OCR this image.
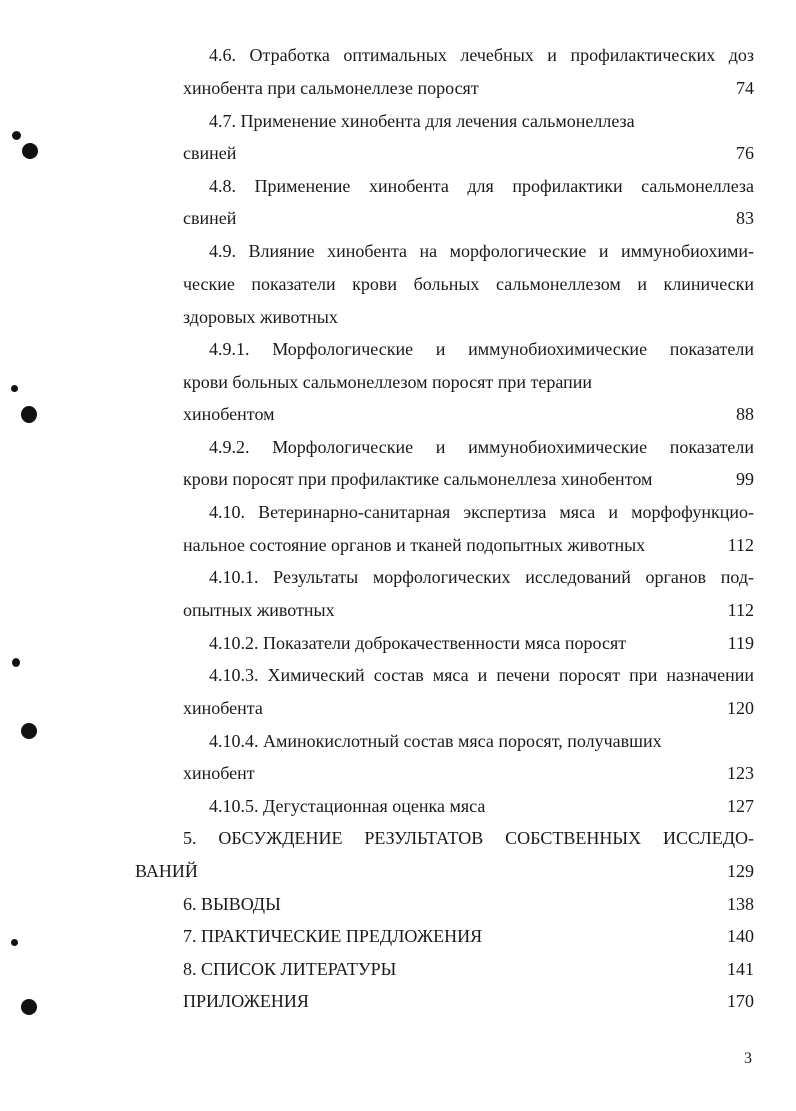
4.6. Отработка оптимальных лечебных и профилактических доз
хинобента при сальмонеллезе поросят	74
4.7. Применение хинобента для лечения сальмонеллеза
свиней	76
4.8. Применение хинобента для профилактики сальмонеллеза
свиней	83
4.9. Влияние хинобента на морфологические и иммунобиохими-
ческие показатели крови больных сальмонеллезом и клинически
здоровых животных
4.9.1. Морфологические и иммунобиохимические показатели
крови больных сальмонеллезом поросят при терапии
хинобентом	88
4.9.2. Морфологические и иммунобиохимические показатели
крови поросят при профилактике сальмонеллеза хинобентом	99
4.10. Ветеринарно-санитарная экспертиза мяса и морфофункцио-
нальное состояние органов и тканей подопытных животных	112
4.10.1. Результаты морфологических исследований органов под-
опытных животных	112
4.10.2. Показатели доброкачественности мяса поросят	119
4.10.3. Химический состав мяса и печени поросят при назначении
хинобента	120
4.10.4. Аминокислотный состав мяса поросят, получавших
хинобент	123
4.10.5. Дегустационная оценка мяса	127
5. ОБСУЖДЕНИЕ РЕЗУЛЬТАТОВ СОБСТВЕННЫХ ИССЛЕДО-
ВАНИЙ	129
6. ВЫВОДЫ	138
7. ПРАКТИЧЕСКИЕ ПРЕДЛОЖЕНИЯ	140
8. СПИСОК ЛИТЕРАТУРЫ	141
ПРИЛОЖЕНИЯ	170
3
